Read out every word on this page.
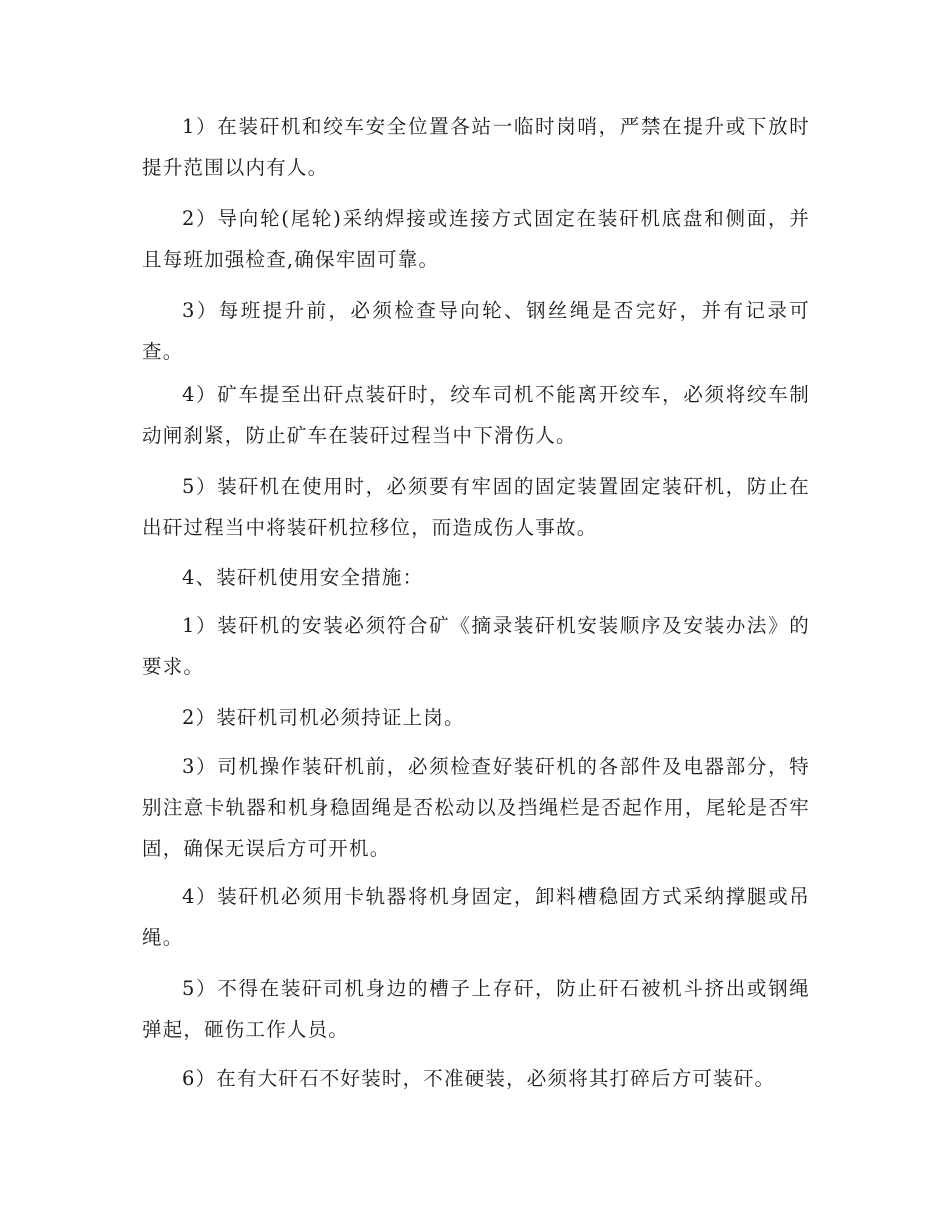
1）在装矸机和绞车安全位置各站一临时岗哨，严禁在提升或下放时提升范围以内有人。

2）导向轮(尾轮)采纳焊接或连接方式固定在装矸机底盘和侧面，并且每班加强检查,确保牢固可靠。

3）每班提升前，必须检查导向轮、钢丝绳是否完好，并有记录可查。

4）矿车提至出矸点装矸时，绞车司机不能离开绞车，必须将绞车制动闸刹紧，防止矿车在装矸过程当中下滑伤人。

5）装矸机在使用时，必须要有牢固的固定装置固定装矸机，防止在出矸过程当中将装矸机拉移位，而造成伤人事故。

4、装矸机使用安全措施：

1）装矸机的安装必须符合矿《摘录装矸机安装顺序及安装办法》的要求。

2）装矸机司机必须持证上岗。

3）司机操作装矸机前，必须检查好装矸机的各部件及电器部分，特别注意卡轨器和机身稳固绳是否松动以及挡绳栏是否起作用，尾轮是否牢固，确保无误后方可开机。

4）装矸机必须用卡轨器将机身固定，卸料槽稳固方式采纳撑腿或吊绳。

5）不得在装矸司机身边的槽子上存矸，防止矸石被机斗挤出或钢绳弹起，砸伤工作人员。

6）在有大矸石不好装时，不准硬装，必须将其打碎后方可装矸。
